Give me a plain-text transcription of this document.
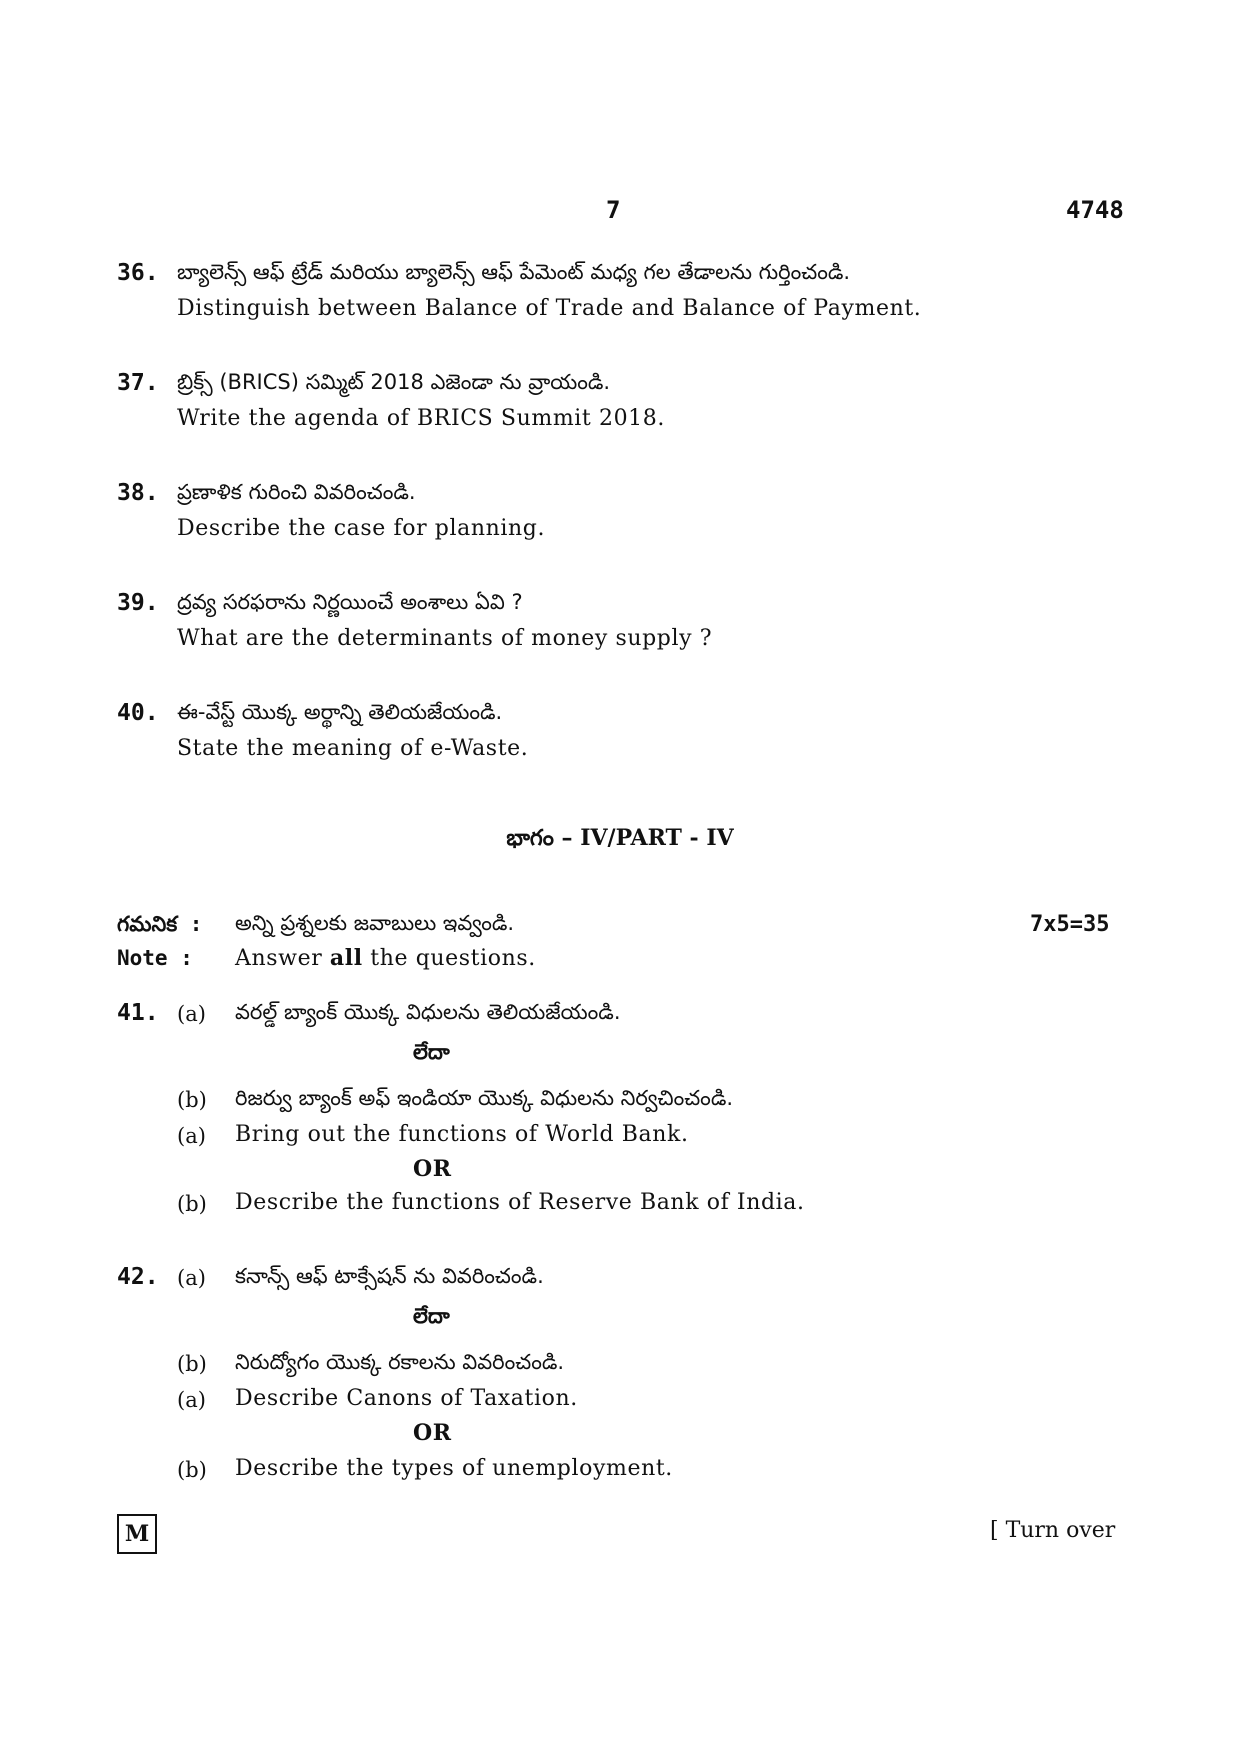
7	4748
36. బ్యాలెన్స్ ఆఫ్ ట్రేడ్ మరియు బ్యాలెన్స్ ఆఫ్ పేమెంట్ మధ్య గల తేడాలను గుర్తించండి.
Distinguish between Balance of Trade and Balance of Payment.
37. బ్రిక్స్ (BRICS) సమ్మిట్ 2018 ఎజెండా ను వ్రాయండి.
Write the agenda of BRICS Summit 2018.
38. ప్రణాళిక గురించి వివరించండి.
Describe the case for planning.
39. ద్రవ్య సరఫరాను నిర్ణయించే అంశాలు ఏవి ?
What are the determinants of money supply ?
40. ఈ-వేస్ట్ యొక్క అర్థాన్ని తెలియజేయండి.
State the meaning of e-Waste.
భాగం – IV/PART - IV
గమనిక : అన్ని ప్రశ్నలకు జవాబులు ఇవ్వండి.	7x5=35
Note : Answer all the questions.
41. (a) వరల్డ్ బ్యాంక్ యొక్క విధులను తెలియజేయండి.
లేదా
(b) రిజర్వు బ్యాంక్ అఫ్ ఇండియా యొక్క విధులను నిర్వచించండి.
(a) Bring out the functions of World Bank.
OR
(b) Describe the functions of Reserve Bank of India.
42. (a) కనాన్స్ ఆఫ్ టాక్సేషన్ ను వివరించండి.
లేదా
(b) నిరుద్యోగం యొక్క రకాలను వివరించండి.
(a) Describe Canons of Taxation.
OR
(b) Describe the types of unemployment.
M	[ Turn over
